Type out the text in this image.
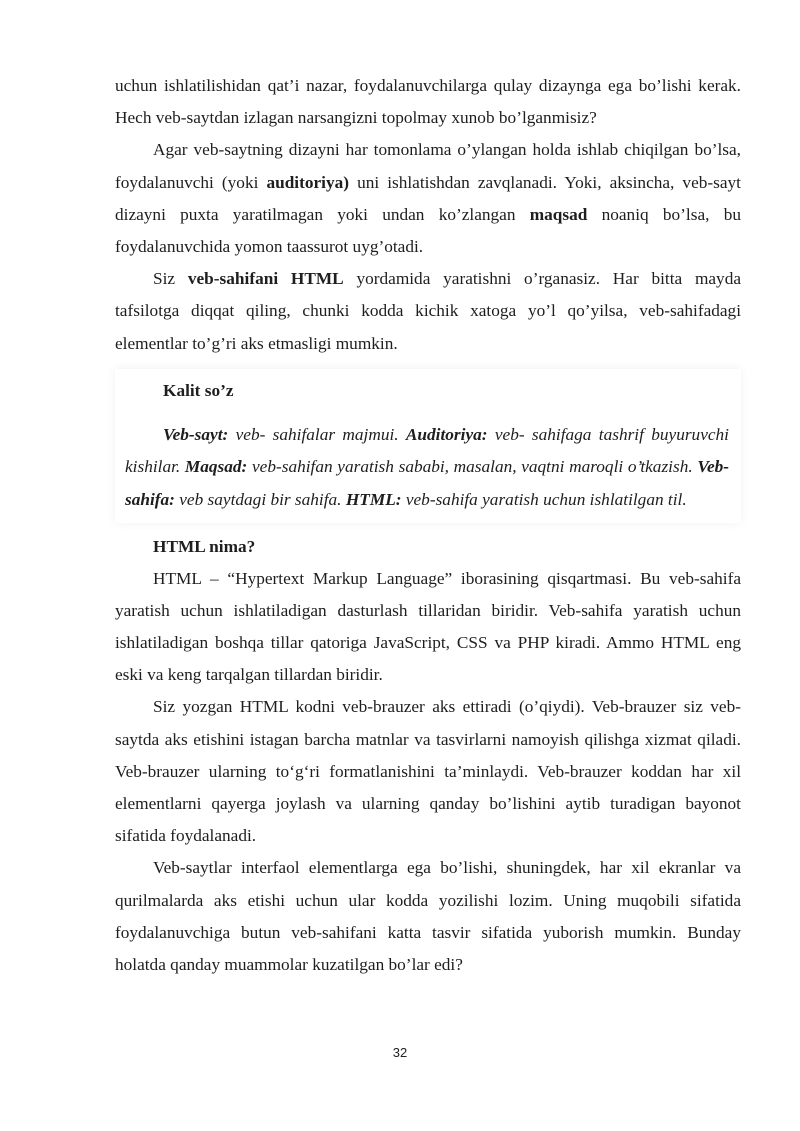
uchun ishlatilishidan qat’i nazar, foydalanuvchilarga qulay dizaynga ega bo’lishi kerak. Hech veb-saytdan izlagan narsangizni topolmay xunob bo’lganmisiz?

Agar veb-saytning dizayni har tomonlama o’ylangan holda ishlab chiqilgan bo’lsa, foydalanuvchi (yoki auditoriya) uni ishlatishdan zavqlanadi. Yoki, aksincha, veb-sayt dizayni puxta yaratilmagan yoki undan ko’zlangan maqsad noaniq bo’lsa, bu foydalanuvchida yomon taassurot uyg’otadi.

Siz veb-sahifani HTML yordamida yaratishni o’rganasiz. Har bitta mayda tafsilotga diqqat qiling, chunki kodda kichik xatoga yo’l qo’yilsa, veb-sahifadagi elementlar to’g’ri aks etmasligi mumkin.

Kalit so’z

Veb-sayt: veb- sahifalar majmui. Auditoriya: veb- sahifaga tashrif buyuruvchi kishilar. Maqsad: veb-sahifan yaratish sababi, masalan, vaqtni maroqli o’tkazish. Veb-sahifa: veb saytdagi bir sahifa. HTML: veb-sahifa yaratish uchun ishlatilgan til.

HTML nima?

HTML – “Hypertext Markup Language” iborasining qisqartmasi. Bu veb-sahifa yaratish uchun ishlatiladigan dasturlash tillaridan biridir. Veb-sahifa yaratish uchun ishlatiladigan boshqa tillar qatoriga JavaScript, CSS va PHP kiradi. Ammo HTML eng eski va keng tarqalgan tillardan biridir.

Siz yozgan HTML kodni veb-brauzer aks ettiradi (o’qiydi). Veb-brauzer siz veb-saytda aks etishini istagan barcha matnlar va tasvirlarni namoyish qilishga xizmat qiladi. Veb-brauzer ularning to‘g‘ri formatlanishini ta’minlaydi. Veb-brauzer koddan har xil elementlarni qayerga joylash va ularning qanday bo’lishini aytib turadigan bayonot sifatida foydalanadi.

Veb-saytlar interfaol elementlarga ega bo’lishi, shuningdek, har xil ekranlar va qurilmalarda aks etishi uchun ular kodda yozilishi lozim. Uning muqobili sifatida foydalanuvchiga butun veb-sahifani katta tasvir sifatida yuborish mumkin. Bunday holatda qanday muammolar kuzatilgan bo’lar edi?

32
